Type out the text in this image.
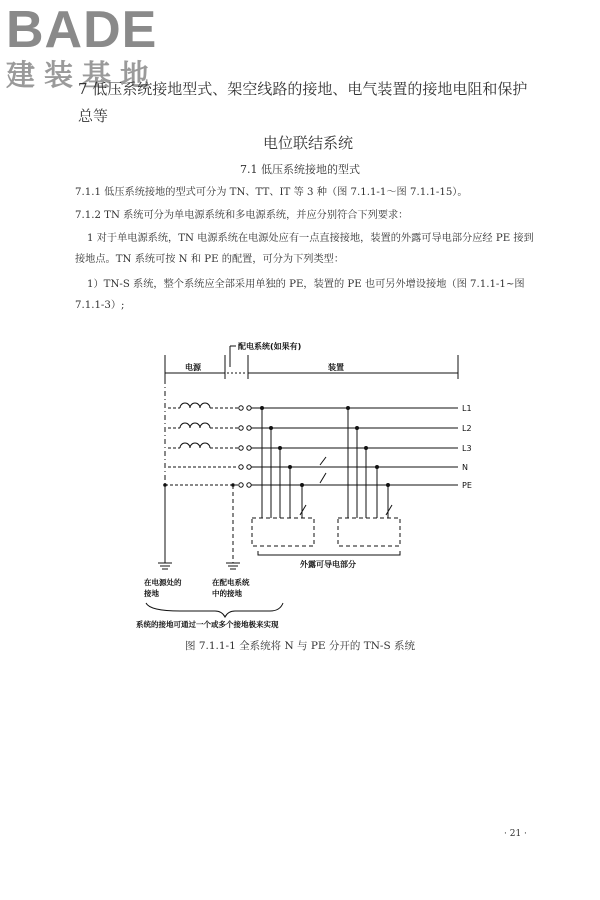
BADE
建装基地
7 低压系统接地型式、架空线路的接地、电气装置的接地电阻和保护总等
电位联结系统
7.1 低压系统接地的型式
7.1.1 低压系统接地的型式可分为 TN、TT、IT 等 3 种（图 7.1.1-1～图 7.1.1-15）。
7.1.2 TN 系统可分为单电源系统和多电源系统，并应分别符合下列要求：
1 对于单电源系统，TN 电源系统在电源处应有一点直接接地，装置的外露可导电部分应经 PE 接到接地点。TN 系统可按 N 和 PE 的配置，可分为下列类型：
1）TN-S 系统，整个系统应全部采用单独的 PE，装置的 PE 也可另外增设接地（图 7.1.1-1~图 7.1.1-3）;
配电系统(如果有)
电源	装置
L1
L2
L3
N
PE
外露可导电部分
在电源处的
接地
在配电系统
中的接地
系统的接地可通过一个或多个接地极来实现
图 7.1.1-1 全系统将 N 与 PE 分开的 TN-S 系统
· 21 ·
